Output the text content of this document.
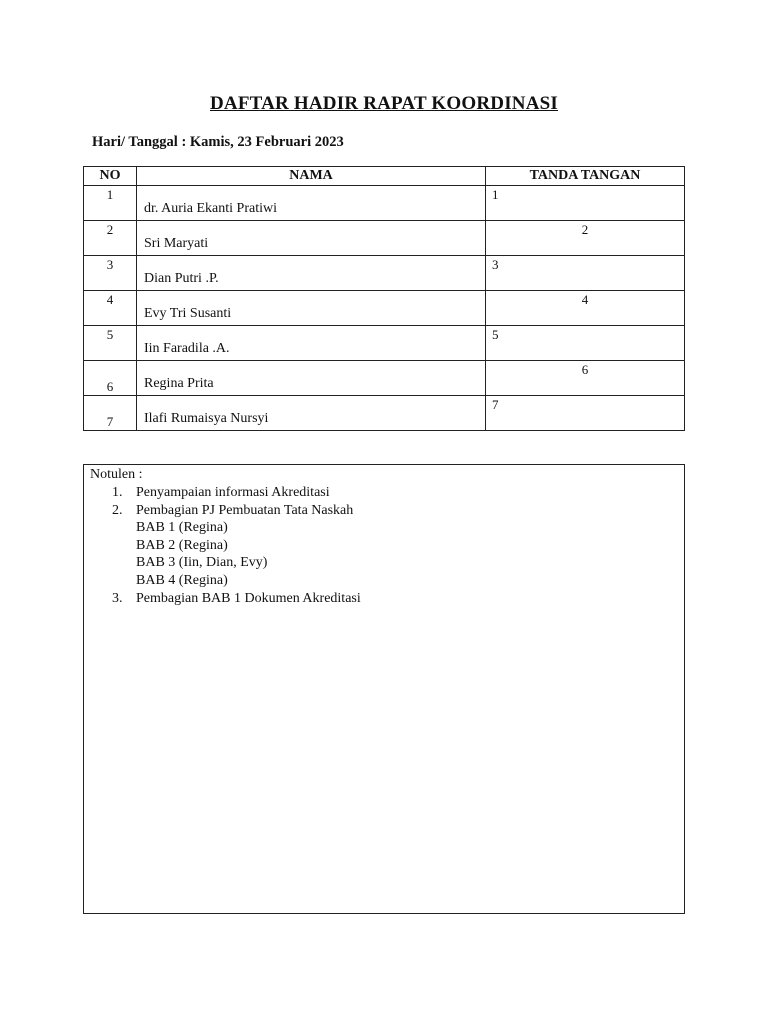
DAFTAR HADIR RAPAT KOORDINASI
Hari/ Tanggal : Kamis, 23 Februari 2023
NO	NAMA	TANDA TANGAN

1	dr. Auria Ekanti Pratiwi	1

2	Sri Maryati	2

3	Dian Putri .P.	3

4	Evy Tri Susanti	4

5	Iin Faradila .A.	5

6	Regina Prita	6

7	Ilafi Rumaisya Nursyi	7
Notulen :
1. Penyampaian informasi Akreditasi
2. Pembagian PJ Pembuatan Tata Naskah
BAB 1 (Regina)
BAB 2 (Regina)
BAB 3 (Iin, Dian, Evy)
BAB 4 (Regina)
3. Pembagian BAB 1 Dokumen Akreditasi
